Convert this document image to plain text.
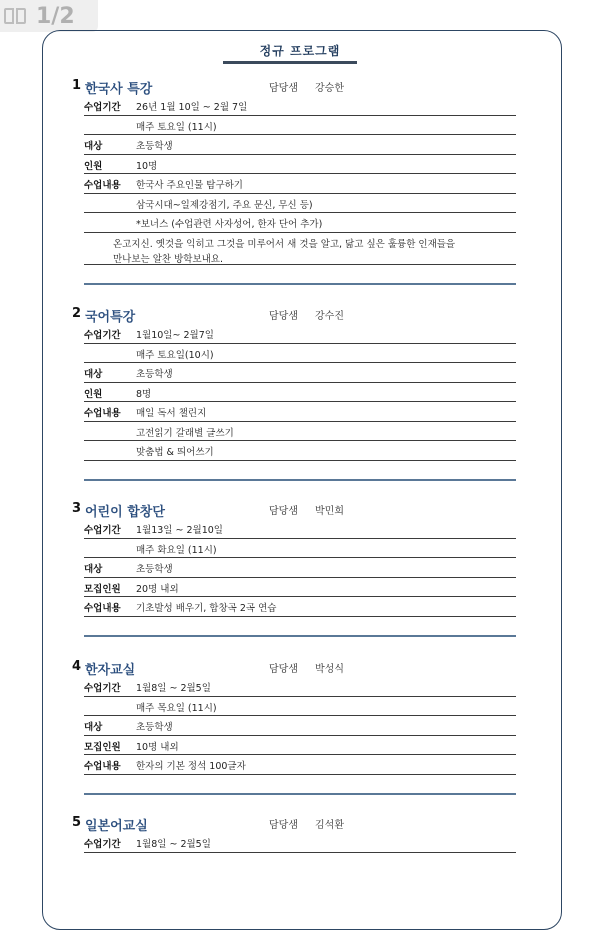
1/2
정규 프로그램
1 한국사 특강	담당샘 강승한
수업기간 26년 1월 10일 ~ 2월 7일
매주 토요일 (11시)
대상	초등학생
인원	10명
수업내용 한국사 주요인물 탐구하기
삼국시대~일제강점기, 주요 문신, 무신 등)
*보너스 (수업관련 사자성어, 한자 단어 추가)
온고지신. 옛것을 익히고 그것을 미루어서 새 것을 알고, 닮고 싶은 훌륭한 인재들을
만나보는 알찬 방학보내요.
2 국어특강	담당샘 강수진
수업기간 1월10일~ 2월7일
매주 토요일(10시)
대상	초등학생
인원	8명
수업내용 매일 독서 챌린지
고전읽기 갈래별 글쓰기
맞춤법 & 띄어쓰기
3 어린이 합창단	담당샘 박민희
수업기간 1월13일 ~ 2월10일
매주 화요일 (11시)
대상	초등학생
모집인원 20명 내외
수업내용 기초발성 배우기, 합창곡 2곡 연습
4 한자교실	담당샘 박성식
수업기간 1월8일 ~ 2월5일
매주 목요일 (11시)
대상	초등학생
모집인원 10명 내외
수업내용 한자의 기본 정석 100글자
5 일본어교실	담당샘 김석환
수업기간 1월8일 ~ 2월5일
